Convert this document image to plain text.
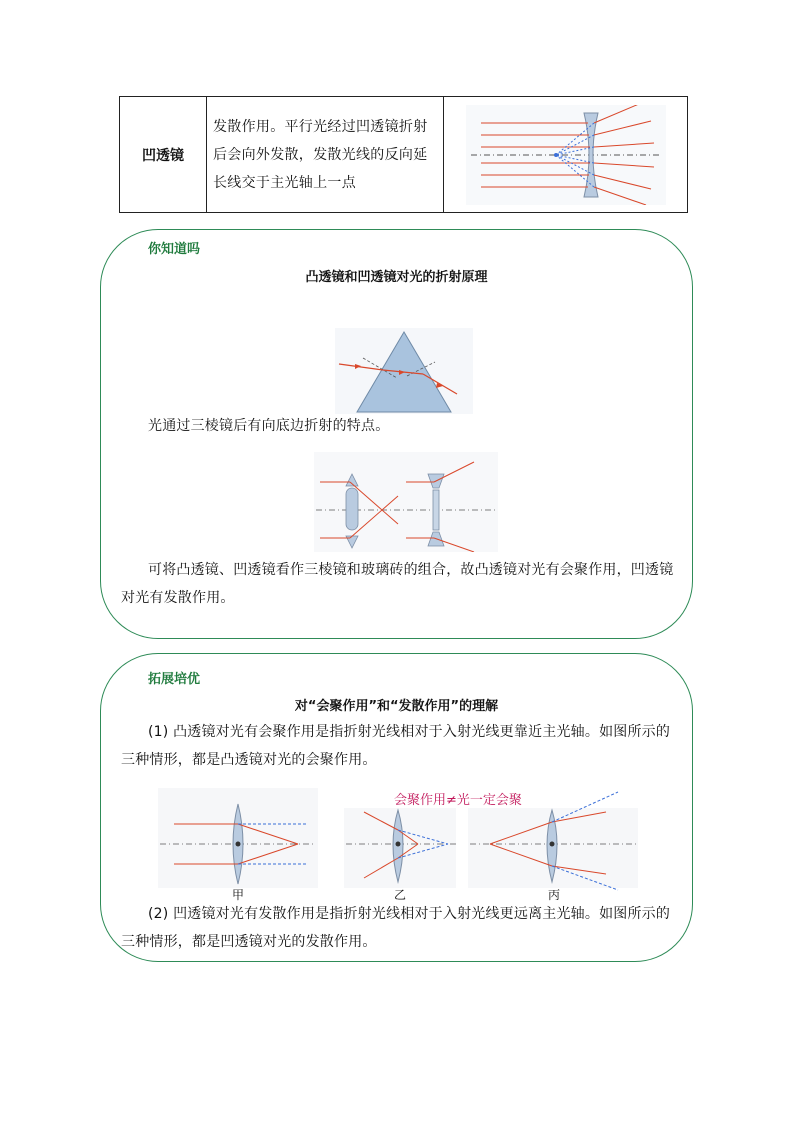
凹透镜	发散作用。平行光经过凹透镜折射后会向外发散，发散光线的反向延长线交于主光轴上一点	
你知道吗
凸透镜和凹透镜对光的折射原理
光通过三棱镜后有向底边折射的特点。
可将凸透镜、凹透镜看作三棱镜和玻璃砖的组合，故凸透镜对光有会聚作用，凹透镜对光有发散作用。
拓展培优
对“会聚作用”和“发散作用”的理解
(1) 凸透镜对光有会聚作用是指折射光线相对于入射光线更靠近主光轴。如图所示的三种情形，都是凸透镜对光的会聚作用。
会聚作用≠光一定会聚
甲	乙	丙
(2) 凹透镜对光有发散作用是指折射光线相对于入射光线更远离主光轴。如图所示的三种情形，都是凹透镜对光的发散作用。
